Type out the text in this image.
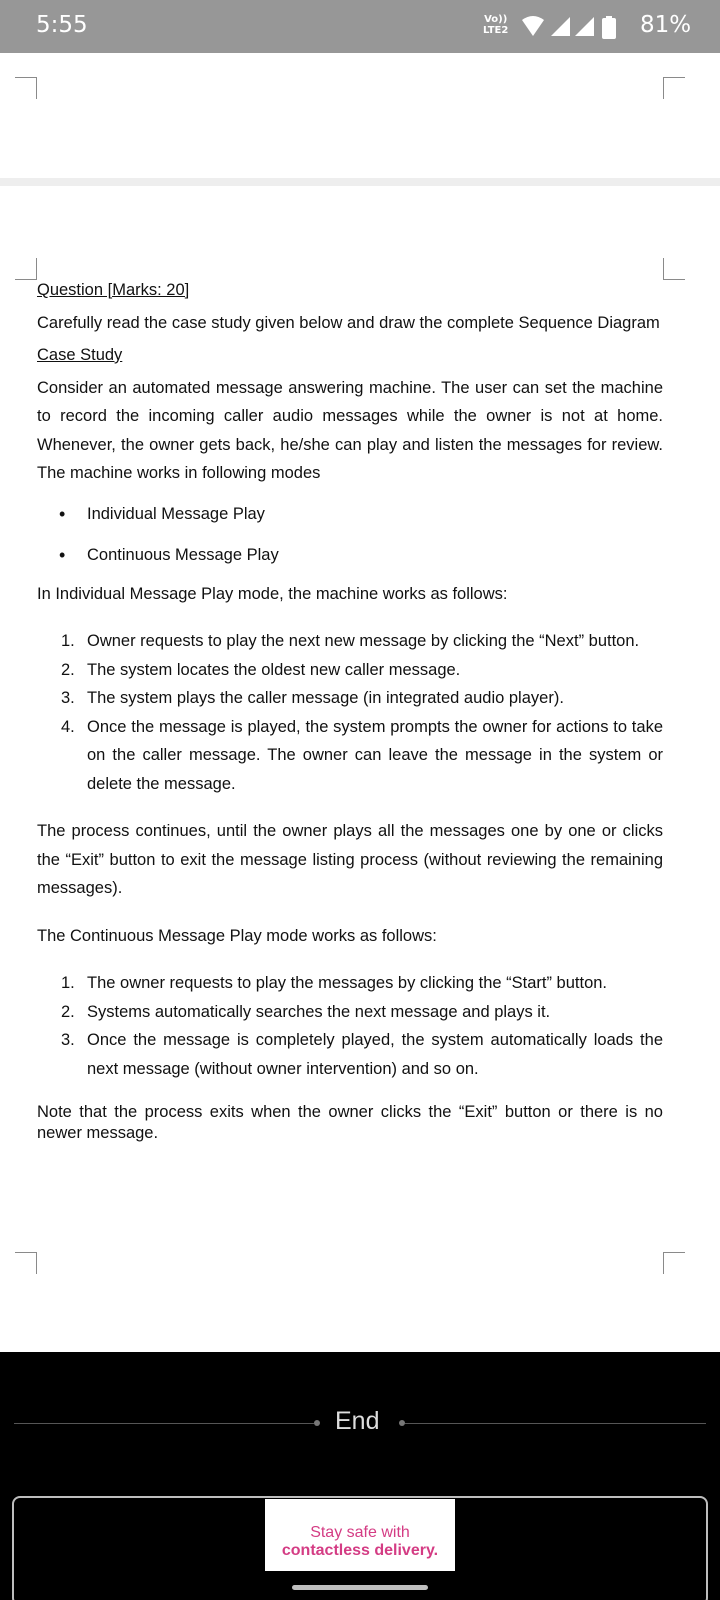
5:55	Vo))
LTE2	81%
Question [Marks: 20]
Carefully read the case study given below and draw the complete Sequence Diagram
Case Study

Consider an automated message answering machine. The user can set the machine to record the incoming caller audio messages while the owner is not at home. Whenever, the owner gets back, he/she can play and listen the messages for review. The machine works in following modes

• Individual Message Play
• Continuous Message Play

In Individual Message Play mode, the machine works as follows:

1. Owner requests to play the next new message by clicking the “Next” button.
2. The system locates the oldest new caller message.
3. The system plays the caller message (in integrated audio player).
4. Once the message is played, the system prompts the owner for actions to take on the caller message. The owner can leave the message in the system or delete the message.

The process continues, until the owner plays all the messages one by one or clicks the “Exit” button to exit the message listing process (without reviewing the remaining messages).

The Continuous Message Play mode works as follows:

1. The owner requests to play the messages by clicking the “Start” button.
2. Systems automatically searches the next message and plays it.
3. Once the message is completely played, the system automatically loads the next message (without owner intervention) and so on.

Note that the process exits when the owner clicks the “Exit” button or there is no newer message.

End
Stay safe with
contactless delivery.
